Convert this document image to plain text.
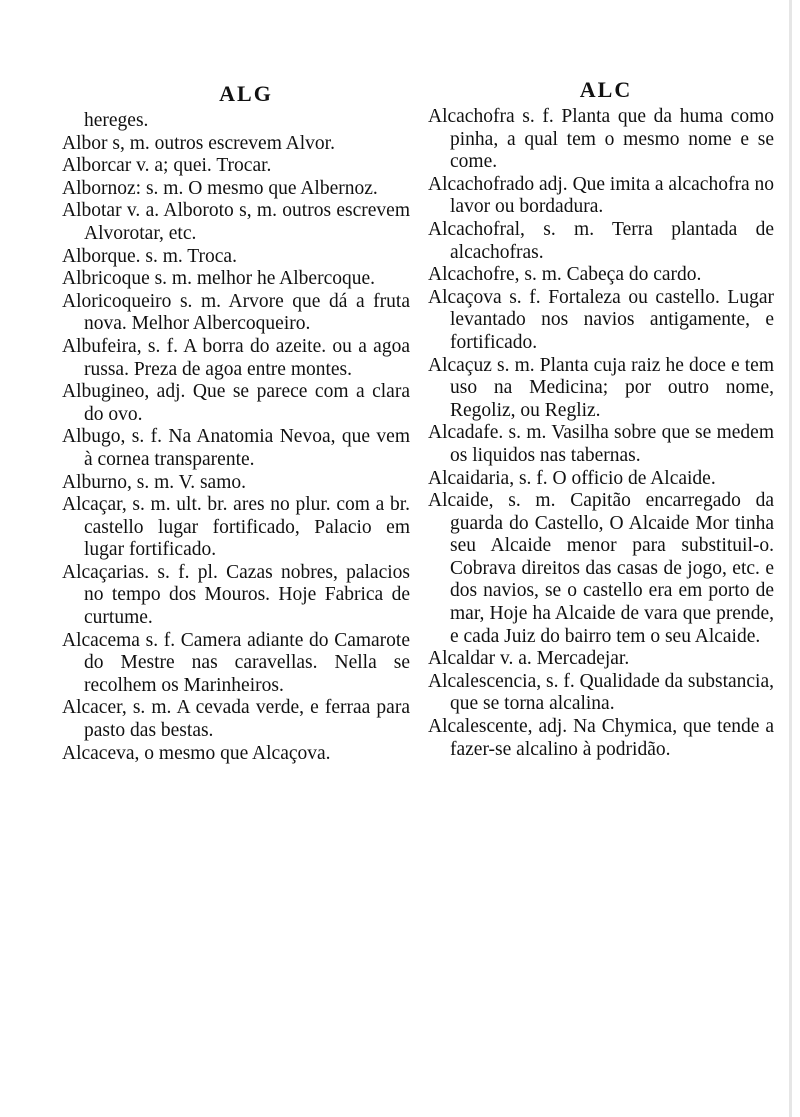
ALG

hereges.

Albor s, m. outros escrevem Alvor.

Alborcar v. a; quei. Trocar.

Albornoz: s. m. O mesmo que Albernoz.

Albotar v. a. Alboroto s, m. outros escrevem Alvorotar, etc.

Alborque. s. m. Troca.

Albricoque s. m. melhor he Albercoque.

Aloricoqueiro s. m. Arvore que dá a fruta nova. Melhor Albercoqueiro.

Albufeira, s. f. A borra do azeite. ou a agoa russa. Preza de agoa entre montes.

Albugineo, adj. Que se parece com a clara do ovo.

Albugo, s. f. Na Anatomia Nevoa, que vem à cornea transparente.

Alburno, s. m. V. samo.

Alcaçar, s. m. ult. br. ares no plur. com a br. castello lugar fortificado, Palacio em lugar fortificado.

Alcaçarias. s. f. pl. Cazas nobres, palacios no tempo dos Mouros. Hoje Fabrica de curtume.

Alcacema s. f. Camera adiante do Camarote do Mestre nas caravellas. Nella se recolhem os Marinheiros.

Alcacer, s. m. A cevada verde, e ferraa para pasto das bestas.

Alcaceva, o mesmo que Alcaçova.

ALC

Alcachofra s. f. Planta que da huma como pinha, a qual tem o mesmo nome e se come.

Alcachofrado adj. Que imita a alcachofra no lavor ou bordadura.

Alcachofral, s. m. Terra plantada de alcachofras.

Alcachofre, s. m. Cabeça do cardo.

Alcaçova s. f. Fortaleza ou castello. Lugar levantado nos navios antigamente, e fortificado.

Alcaçuz s. m. Planta cuja raiz he doce e tem uso na Medicina; por outro nome, Regoliz, ou Regliz.

Alcadafe. s. m. Vasilha sobre que se medem os liquidos nas tabernas.

Alcaidaria, s. f. O officio de Alcaide.

Alcaide, s. m. Capitão encarregado da guarda do Castello, O Alcaide Mor tinha seu Alcaide menor para substituil-o. Cobrava direitos das casas de jogo, etc. e dos navios, se o castello era em porto de mar, Hoje ha Alcaide de vara que prende, e cada Juiz do bairro tem o seu Alcaide.

Alcaldar v. a. Mercadejar.

Alcalescencia, s. f. Qualidade da substancia, que se torna alcalina.

Alcalescente, adj. Na Chymica, que tende a fazer-se alcalino à podridão.
